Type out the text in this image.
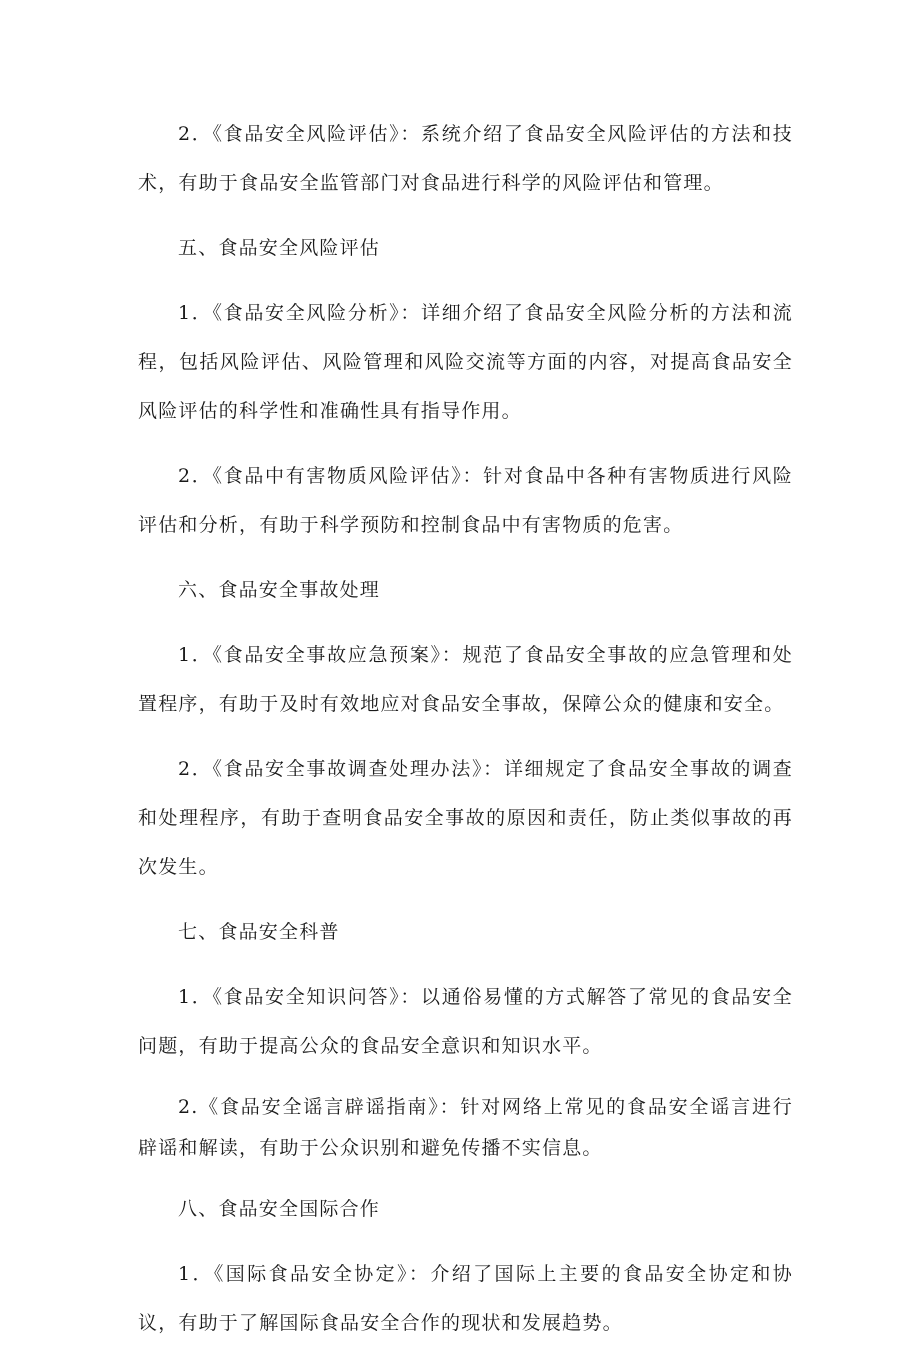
2．《食品安全风险评估》：系统介绍了食品安全风险评估的方法和技术，有助于食品安全监管部门对食品进行科学的风险评估和管理。

五、食品安全风险评估

1．《食品安全风险分析》：详细介绍了食品安全风险分析的方法和流程，包括风险评估、风险管理和风险交流等方面的内容，对提高食品安全风险评估的科学性和准确性具有指导作用。

2．《食品中有害物质风险评估》：针对食品中各种有害物质进行风险评估和分析，有助于科学预防和控制食品中有害物质的危害。

六、食品安全事故处理

1．《食品安全事故应急预案》：规范了食品安全事故的应急管理和处置程序，有助于及时有效地应对食品安全事故，保障公众的健康和安全。

2．《食品安全事故调查处理办法》：详细规定了食品安全事故的调查和处理程序，有助于查明食品安全事故的原因和责任，防止类似事故的再次发生。

七、食品安全科普

1．《食品安全知识问答》：以通俗易懂的方式解答了常见的食品安全问题，有助于提高公众的食品安全意识和知识水平。

2.《食品安全谣言辟谣指南》：针对网络上常见的食品安全谣言进行辟谣和解读，有助于公众识别和避免传播不实信息。

八、食品安全国际合作

1．《国际食品安全协定》：介绍了国际上主要的食品安全协定和协议，有助于了解国际食品安全合作的现状和发展趋势。
